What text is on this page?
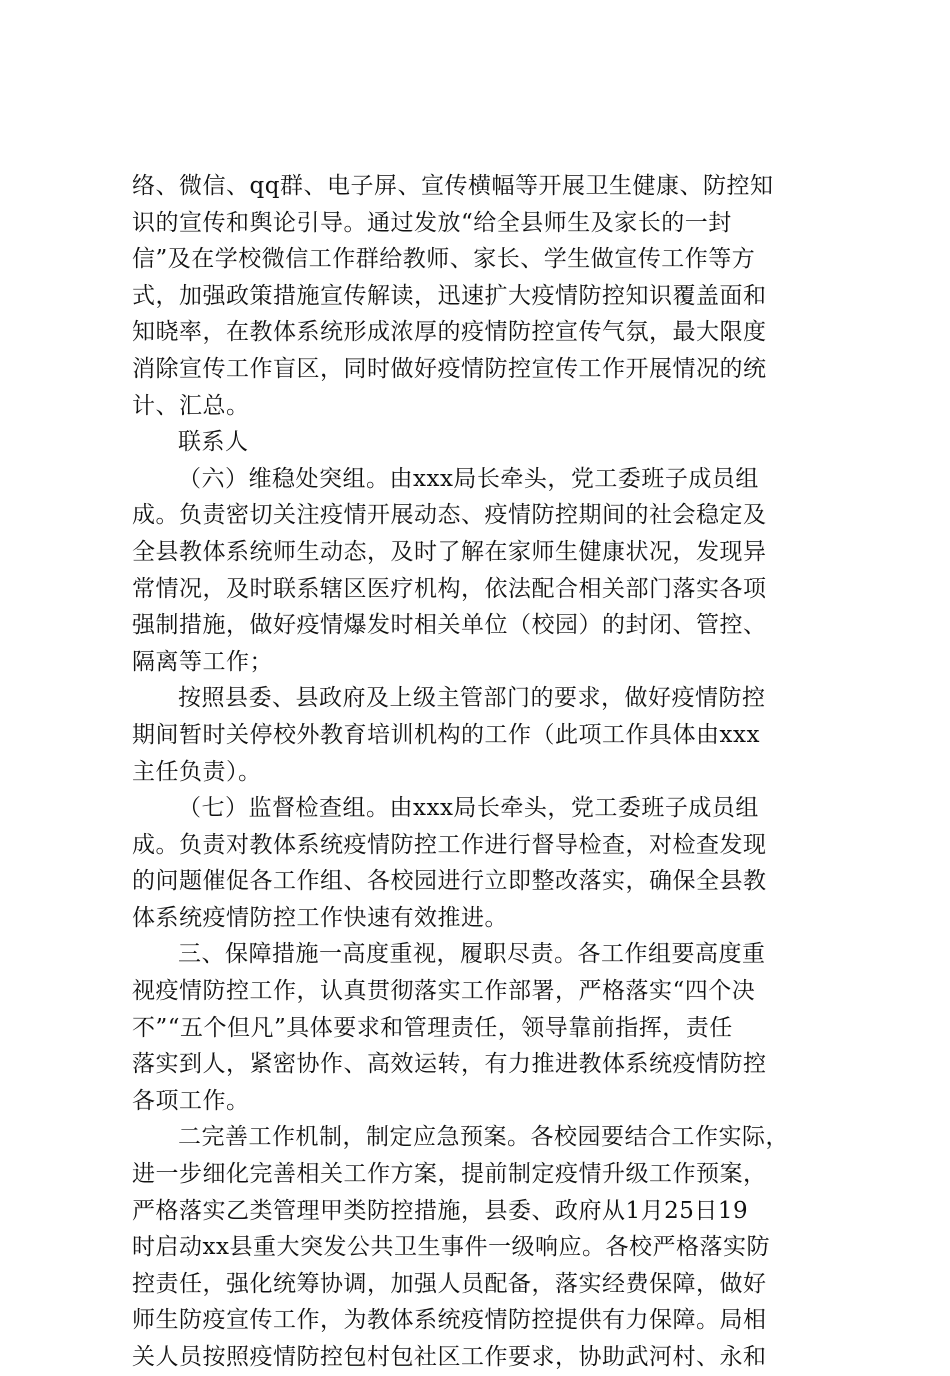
络、微信、qq群、电子屏、宣传横幅等开展卫生健康、防控知
识的宣传和舆论引导。通过发放“给全县师生及家长的一封
信”及在学校微信工作群给教师、家长、学生做宣传工作等方
式，加强政策措施宣传解读，迅速扩大疫情防控知识覆盖面和
知晓率，在教体系统形成浓厚的疫情防控宣传气氛，最大限度
消除宣传工作盲区，同时做好疫情防控宣传工作开展情况的统
计、汇总。
联系人
（六）维稳处突组。由xxx局长牵头，党工委班子成员组
成。负责密切关注疫情开展动态、疫情防控期间的社会稳定及
全县教体系统师生动态，及时了解在家师生健康状况，发现异
常情况，及时联系辖区医疗机构，依法配合相关部门落实各项
强制措施，做好疫情爆发时相关单位（校园）的封闭、管控、
隔离等工作；
按照县委、县政府及上级主管部门的要求，做好疫情防控
期间暂时关停校外教育培训机构的工作（此项工作具体由xxx
主任负责）。
（七）监督检查组。由xxx局长牵头，党工委班子成员组
成。负责对教体系统疫情防控工作进行督导检查，对检查发现
的问题催促各工作组、各校园进行立即整改落实，确保全县教
体系统疫情防控工作快速有效推进。
三、保障措施一高度重视，履职尽责。各工作组要高度重
视疫情防控工作，认真贯彻落实工作部署，严格落实“四个决
不”“五个但凡”具体要求和管理责任，领导靠前指挥，责任
落实到人，紧密协作、高效运转，有力推进教体系统疫情防控
各项工作。
二完善工作机制，制定应急预案。各校园要结合工作实际，
进一步细化完善相关工作方案，提前制定疫情升级工作预案，
严格落实乙类管理甲类防控措施，县委、政府从1月25日19
时启动xx县重大突发公共卫生事件一级响应。各校严格落实防
控责任，强化统筹协调，加强人员配备，落实经费保障，做好
师生防疫宣传工作，为教体系统疫情防控提供有力保障。局相
关人员按照疫情防控包村包社区工作要求，协助武河村、永和
